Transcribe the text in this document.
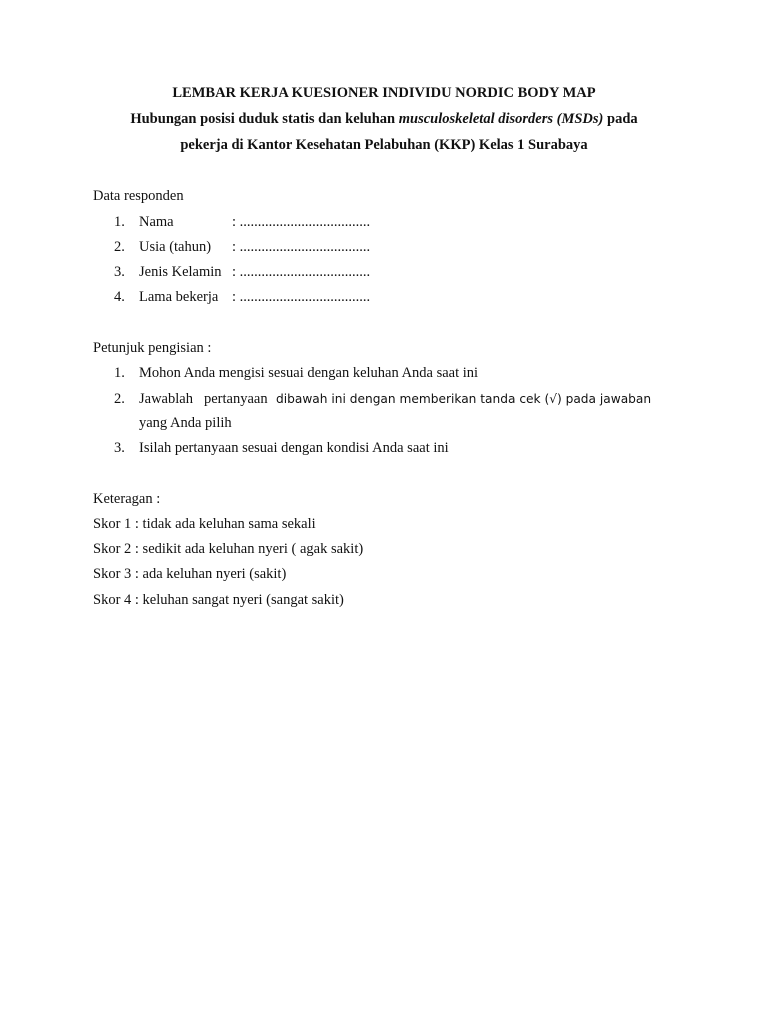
LEMBAR KERJA KUESIONER INDIVIDU NORDIC BODY MAP
Hubungan posisi duduk statis dan keluhan musculoskeletal disorders (MSDs) pada
pekerja di Kantor Kesehatan Pelabuhan (KKP) Kelas 1 Surabaya
Data responden
1. Nama	: ....................................
2. Usia (tahun) : ....................................
3. Jenis Kelamin : ....................................
4. Lama bekerja : ....................................
Petunjuk pengisian :
1. Mohon Anda mengisi sesuai dengan keluhan Anda saat ini
2. Jawablah pertanyaan dibawah ini dengan memberikan tanda cek (√) pada jawaban
yang Anda pilih
3. Isilah pertanyaan sesuai dengan kondisi Anda saat ini
Keteragan :
Skor 1 : tidak ada keluhan sama sekali
Skor 2 : sedikit ada keluhan nyeri ( agak sakit)
Skor 3 : ada keluhan nyeri (sakit)
Skor 4 : keluhan sangat nyeri (sangat sakit)
